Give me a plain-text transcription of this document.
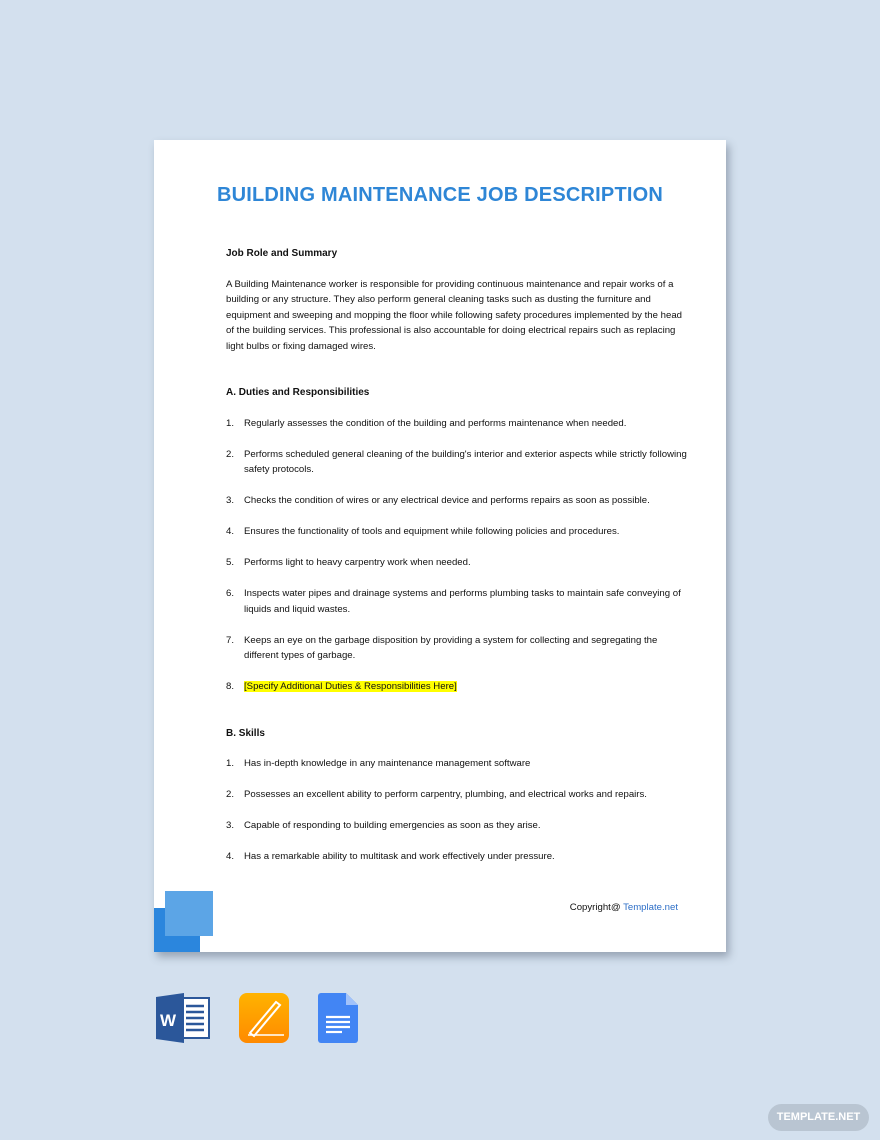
BUILDING MAINTENANCE JOB DESCRIPTION
Job Role and Summary
A Building Maintenance worker is responsible for providing continuous maintenance and repair works of a building or any structure. They also perform general cleaning tasks such as dusting the furniture and equipment and sweeping and mopping the floor while following safety procedures implemented by the head of the building services. This professional is also accountable for doing electrical repairs such as replacing light bulbs or fixing damaged wires.
A. Duties and Responsibilities
1.	Regularly assesses the condition of the building and performs maintenance when needed.
2.	Performs scheduled general cleaning of the building's interior and exterior aspects while strictly following safety protocols.
3.	Checks the condition of wires or any electrical device and performs repairs as soon as possible.
4.	Ensures the functionality of tools and equipment while following policies and procedures.
5.	Performs light to heavy carpentry work when needed.
6.	Inspects water pipes and drainage systems and performs plumbing tasks to maintain safe conveying of liquids and liquid wastes.
7.	Keeps an eye on the garbage disposition by providing a system for collecting and segregating the different types of garbage.
8.	[Specify Additional Duties & Responsibilities Here]
B. Skills
1.	Has in-depth knowledge in any maintenance management software
2.	Possesses an excellent ability to perform carpentry, plumbing, and electrical works and repairs.
3.	Capable of responding to building emergencies as soon as they arise.
4.	Has a remarkable ability to multitask and work effectively under pressure.
Copyright@ Template.net
W
TEMPLATE.NET
